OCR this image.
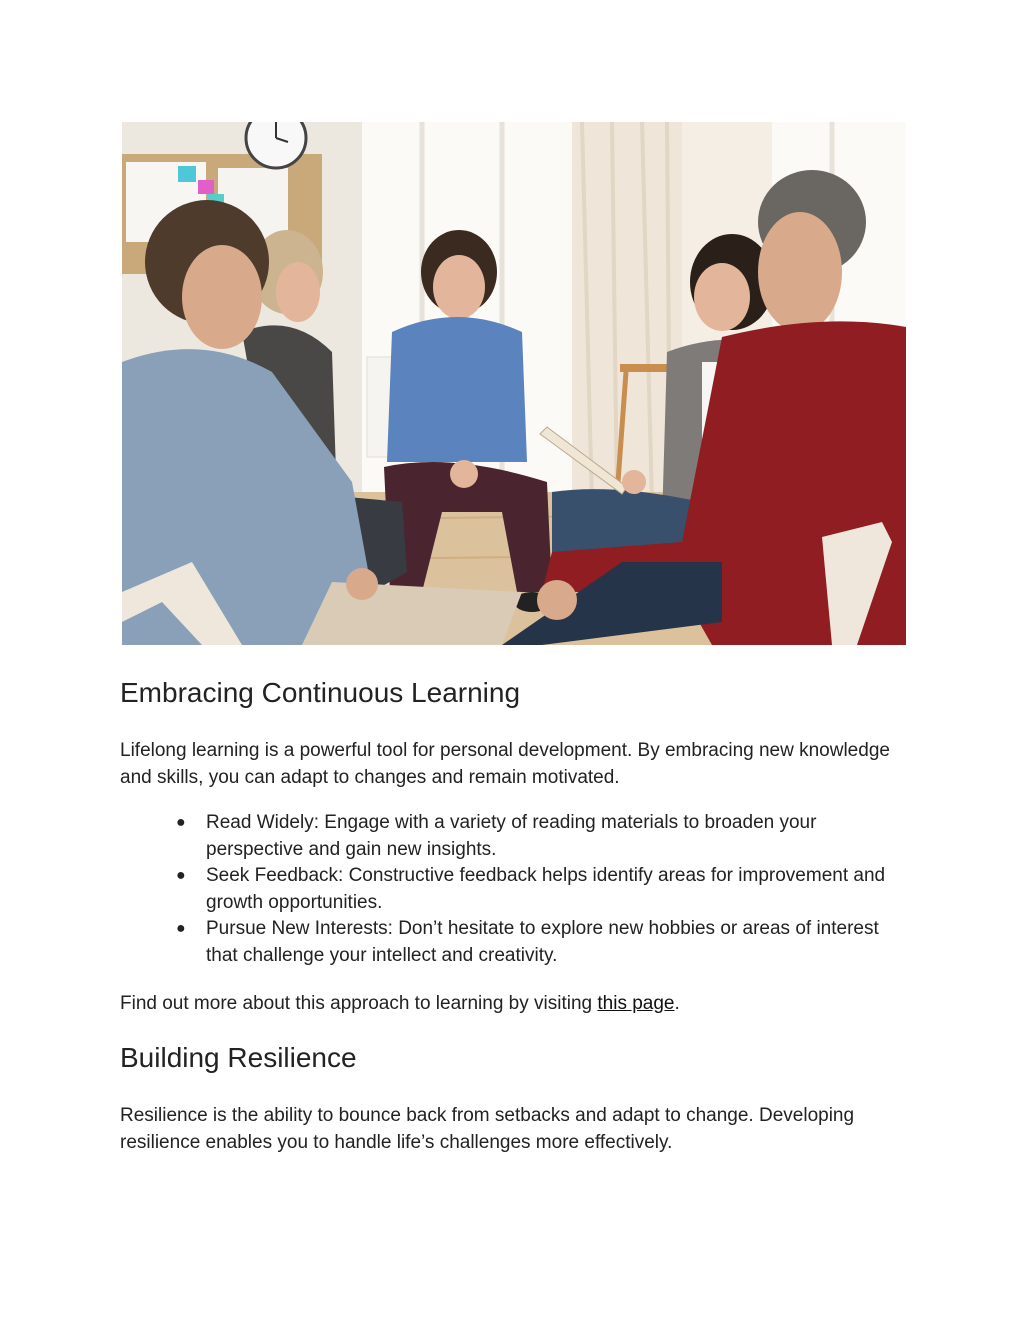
Embracing Continuous Learning

Lifelong learning is a powerful tool for personal development. By embracing new knowledge and skills, you can adapt to changes and remain motivated.

● Read Widely: Engage with a variety of reading materials to broaden your perspective and gain new insights.
● Seek Feedback: Constructive feedback helps identify areas for improvement and growth opportunities.
● Pursue New Interests: Don’t hesitate to explore new hobbies or areas of interest that challenge your intellect and creativity.

Find out more about this approach to learning by visiting this page.

Building Resilience

Resilience is the ability to bounce back from setbacks and adapt to change. Developing resilience enables you to handle life’s challenges more effectively.
